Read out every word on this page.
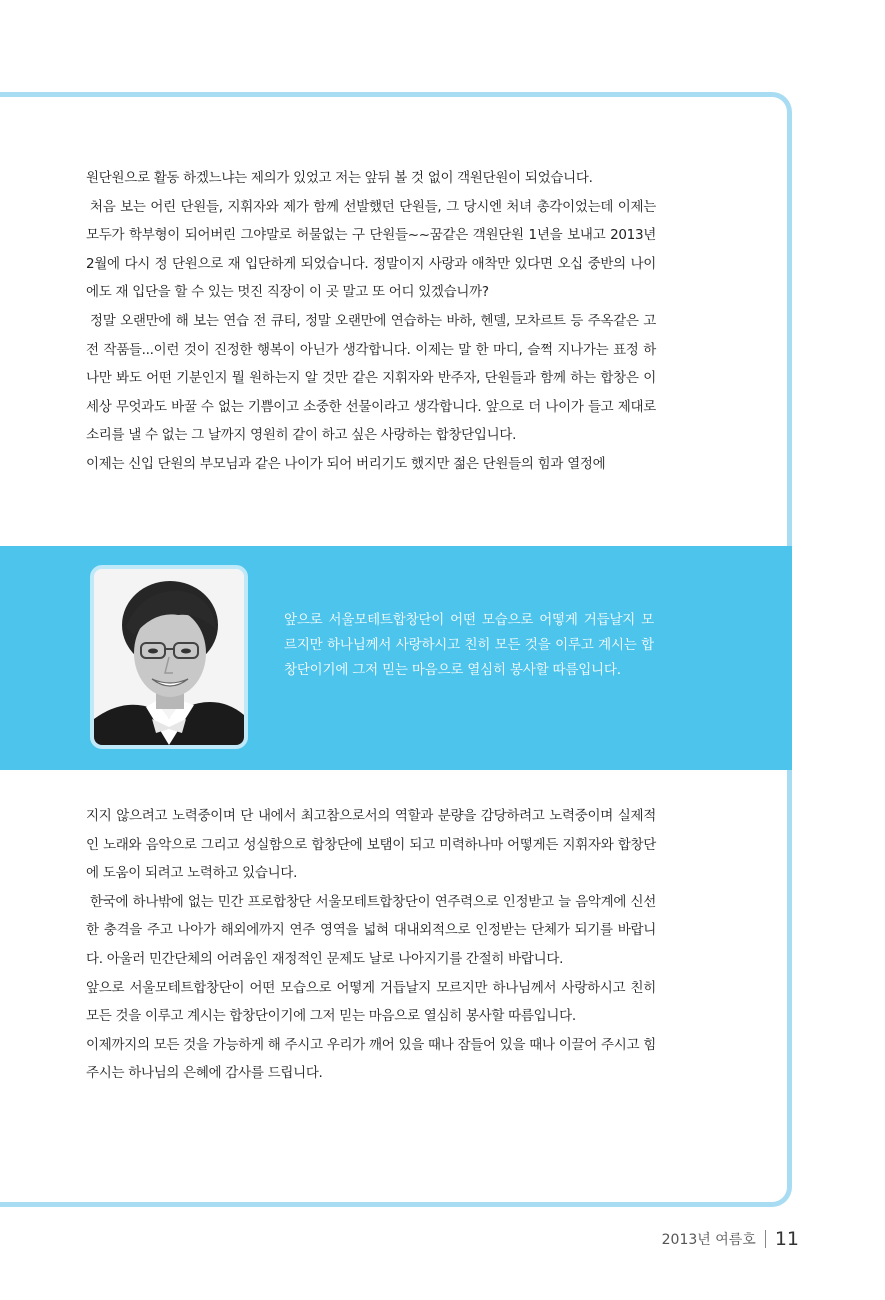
원단원으로 활동 하겠느냐는 제의가 있었고 저는 앞뒤 볼 것 없이 객원단원이 되었습니다.

처음 보는 어린 단원들, 지휘자와 제가 함께 선발했던 단원들, 그 당시엔 처녀 총각이었는데 이제는 모두가 학부형이 되어버린 그야말로 허물없는 구 단원들~~꿈같은 객원단원 1년을 보내고 2013년 2월에 다시 정 단원으로 재 입단하게 되었습니다. 정말이지 사랑과 애착만 있다면 오십 중반의 나이에도 재 입단을 할 수 있는 멋진 직장이 이 곳 말고 또 어디 있겠습니까?

정말 오랜만에 해 보는 연습 전 큐티, 정말 오랜만에 연습하는 바하, 헨델, 모차르트 등 주옥같은 고전 작품들...이런 것이 진정한 행복이 아닌가 생각합니다. 이제는 말 한 마디, 슬쩍 지나가는 표정 하나만 봐도 어떤 기분인지 뭘 원하는지 알 것만 같은 지휘자와 반주자, 단원들과 함께 하는 합창은 이 세상 무엇과도 바꿀 수 없는 기쁨이고 소중한 선물이라고 생각합니다. 앞으로 더 나이가 들고 제대로 소리를 낼 수 없는 그 날까지 영원히 같이 하고 싶은 사랑하는 합창단입니다.

이제는 신입 단원의 부모님과 같은 나이가 되어 버리기도 했지만 젊은 단원들의 힘과 열정에

앞으로 서울모테트합창단이 어떤 모습으로 어떻게 거듭날지 모르지만 하나님께서 사랑하시고 친히 모든 것을 이루고 계시는 합창단이기에 그저 믿는 마음으로 열심히 봉사할 따름입니다.

지지 않으려고 노력중이며 단 내에서 최고참으로서의 역할과 분량을 감당하려고 노력중이며 실제적인 노래와 음악으로 그리고 성실함으로 합창단에 보탬이 되고 미력하나마 어떻게든 지휘자와 합창단에 도움이 되려고 노력하고 있습니다.

한국에 하나밖에 없는 민간 프로합창단 서울모테트합창단이 연주력으로 인정받고 늘 음악계에 신선한 충격을 주고 나아가 해외에까지 연주 영역을 넓혀 대내외적으로 인정받는 단체가 되기를 바랍니다. 아울러 민간단체의 어려움인 재정적인 문제도 날로 나아지기를 간절히 바랍니다.

앞으로 서울모테트합창단이 어떤 모습으로 어떻게 거듭날지 모르지만 하나님께서 사랑하시고 친히 모든 것을 이루고 계시는 합창단이기에 그저 믿는 마음으로 열심히 봉사할 따름입니다.

이제까지의 모든 것을 가능하게 해 주시고 우리가 깨어 있을 때나 잠들어 있을 때나 이끌어 주시고 힘주시는 하나님의 은혜에 감사를 드립니다.

2013년 여름호 11
